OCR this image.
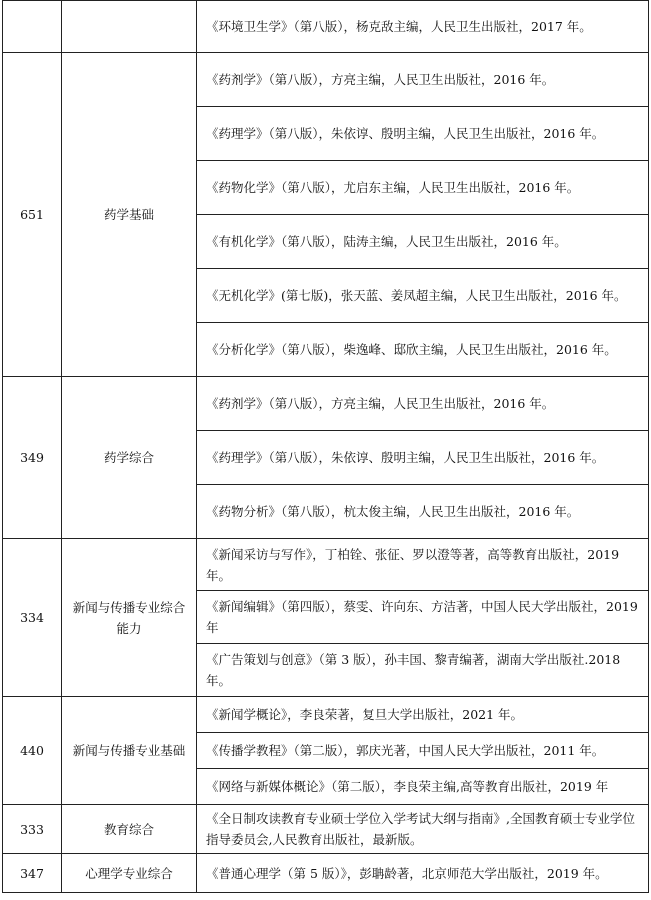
		《环境卫生学》（第八版），杨克敌主编，人民卫生出版社，2017 年。
651	药学基础	《药剂学》（第八版），方亮主编，人民卫生出版社，2016 年。
		《药理学》（第八版），朱依谆、殷明主编，人民卫生出版社，2016 年。
		《药物化学》（第八版），尤启东主编，人民卫生出版社，2016 年。
		《有机化学》（第八版），陆涛主编，人民卫生出版社，2016 年。
		《无机化学》(第七版)，张天蓝、姜凤超主编，人民卫生出版社，2016 年。
		《分析化学》（第八版），柴逸峰、邸欣主编，人民卫生出版社，2016 年。
349	药学综合	《药剂学》（第八版），方亮主编，人民卫生出版社，2016 年。
		《药理学》（第八版），朱依谆、殷明主编，人民卫生出版社，2016 年。
		《药物分析》（第八版），杭太俊主编，人民卫生出版社，2016 年。
334	新闻与传播专业综合能力	《新闻采访与写作》，丁柏铨、张征、罗以澄等著，高等教育出版社，2019 年。
		《新闻编辑》（第四版），蔡雯、许向东、方洁著，中国人民大学出版社，2019 年
		《广告策划与创意》（第 3 版），孙丰国、黎青编著，湖南大学出版社.2018 年。
440	新闻与传播专业基础	《新闻学概论》，李良荣著，复旦大学出版社，2021 年。
		《传播学教程》（第二版），郭庆光著，中国人民大学出版社，2011 年。
		《网络与新媒体概论》（第二版），李良荣主编,高等教育出版社，2019 年
333	教育综合	《全日制攻读教育专业硕士学位入学考试大纲与指南》,全国教育硕士专业学位指导委员会,人民教育出版社，最新版。
347	心理学专业综合	《普通心理学（第 5 版）》，彭聃龄著，北京师范大学出版社，2019 年。
